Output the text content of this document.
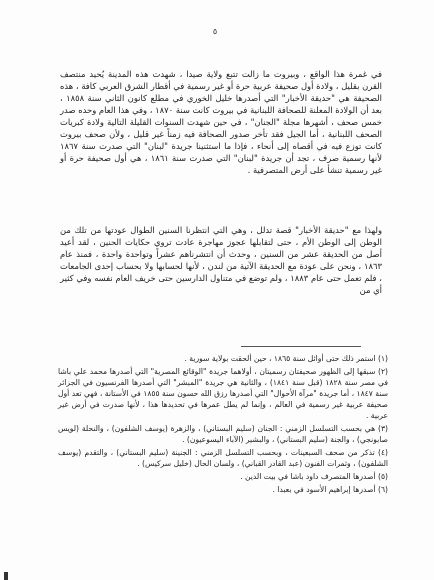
٥

في غمرة هذا الواقع ، وبيروت ما زالت تتبع ولاية صيدا ، شهدت هذه المدينة يُحيد منتصف القرن بقليل ، ولادة أول صحيفة عربية حرة أو غير رسمية في أقطار الشرق العربي كافة ، هذه الصحيفة هي "حديقة الأخبار" التي أصدرها خليل الخوري في مطلع كانون الثاني سنة ١٨٥٨ ، بعد أن الولادة المعلنة للصحافة اللبنانية في بيروت كانت سنة ١٨٧٠ ، وفي هذا العام وحده صدر خمس صحف ، أشهرها مجلة "الجنان" ، في حين شهدت السنوات القليلة التالية ولادة كبريات الصحف اللبنانية ، أما الجيل فقد تأخر صدور الصحافة فيه زمناً غير قليل ، ولأن صحف بيروت كانت توزع فيه في أقصاه إلى أنحاء ، فإذا ما استثنينا جريدة "لبنان" التي صدرت سنة ١٨٦٧ لأنها رسمية صرف ، تجد أن جريدة "لبنان" التي صدرت سنة ١٨٦١ ، هي أول صحيفة حرة أو غير رسمية تنشأ على أرض المتصرفية .

ولهذا مع "حديقة الأخبار" قصة تدلل ، وهي التي انتظرنا السنين الطوال عودتها من تلك من الوطن إلى الوطن الأم ، حتى لتقابلها عجوز مهاجرة عادت تروي حكايات الحنين ، لقد أعيد أصل من الحديقة عشر من السنين ، وحدث أن انتشرناهم عشراً وتواحدة واحدة ، فمنذ عام ١٨٦٣ ، ونحن على عودة مع الحديقة الآتية من لندن ، لأنها لحسابها ولا بحساب إحدى الجامعات ، فلم تعمل حتى عام ١٨٨٣ ، ولم توضع في متناول الدارسين حتى خريف العام نفسه وفي كثير أي من

(١) استمر ذلك حتى أوائل سنة ١٨٦٥ ، حين ألحقت بولاية سورية .
(٢) سبقها إلى الظهور صحيفتان رسميتان ، أولاهما جريدة "الوقائع المصرية" التي أصدرها محمد علي باشا في مصر سنة ١٨٢٨ (قبل سنة ١٨٤١) ، والثانية هي جريدة "المبشر" التي أصدرها الفرنسيون في الجزائر سنة ١٨٤٧ ، أما جريدة "مرآة الأحوال" التي أصدرها رزق الله حسون سنة ١٨٥٥ في الأستانة ، فهي تعد أول صحيفة عربية غير رسمية في العالم ، وإنما لم يطل عمرها في تحديدها هذا ، لأنها صدرت في أرض غير عربية .
(٣) هي بحسب التسلسل الزمني : الجنان (سليم البستاني) ، والزهرة (يوسف الشلفون) ، والنحلة (لويس صابونجي) ، والجنة (سليم البستاني) ، والبشير (الآباء اليسوعيون) .
(٤) تذكر من صحف السبعينات ، وبحسب التسلسل الزمني : الجنينة (سليم البستاني) ، والتقدم (يوسف الشلفون) ، وثمرات الفنون (عبد القادر القباني) ، ولسان الحال (خليل سركيس) .
(٥) أصدرها المتصرف داود باشا في بيت الدين .
(٦) أصدرها إبراهيم الأسود في بعبدا .
